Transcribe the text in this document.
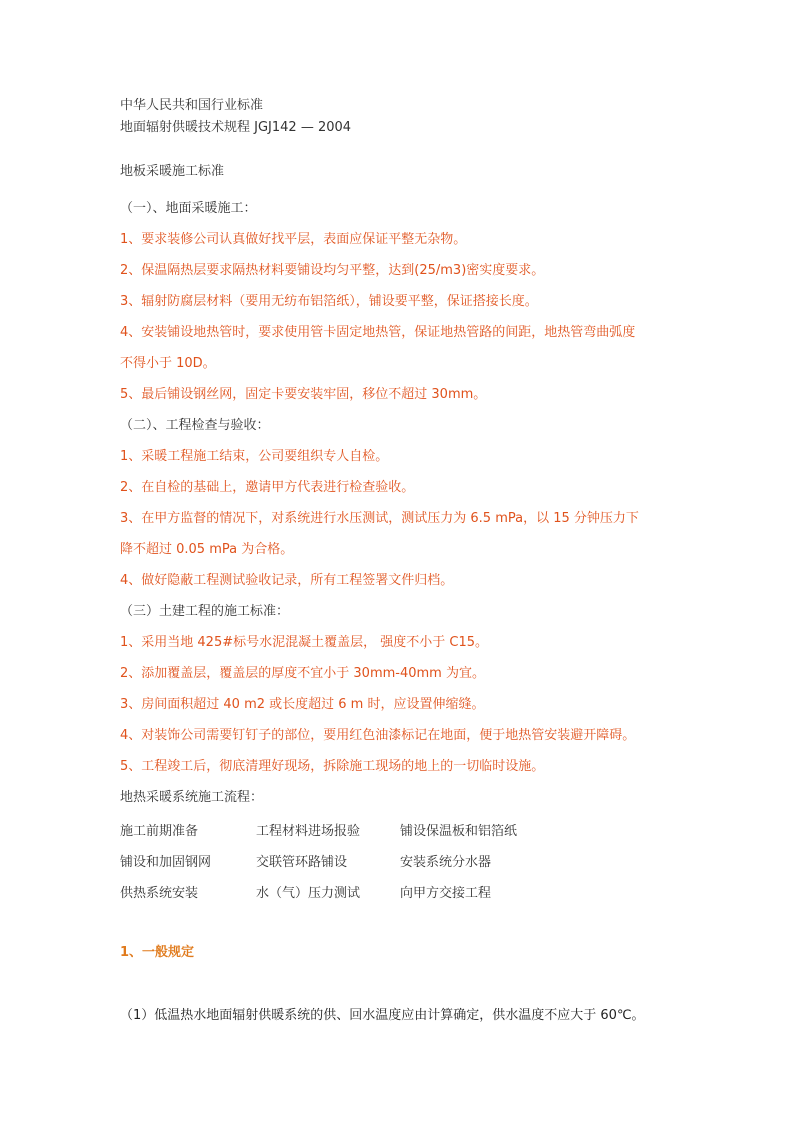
中华人民共和国行业标准
地面辐射供暖技术规程 JGJ142 — 2004
地板采暖施工标准
（一）、地面采暖施工：
1、要求装修公司认真做好找平层，表面应保证平整无杂物。
2、保温隔热层要求隔热材料要铺设均匀平整，达到(25/m3)密实度要求。
3、辐射防腐层材料（要用无纺布铝箔纸），铺设要平整，保证搭接长度。
4、安装铺设地热管时，要求使用管卡固定地热管，保证地热管路的间距，地热管弯曲弧度
不得小于 10D。
5、最后铺设钢丝网，固定卡要安装牢固，移位不超过 30mm。
（二）、工程检查与验收：
1、采暖工程施工结束，公司要组织专人自检。
2、在自检的基础上，邀请甲方代表进行检查验收。
3、在甲方监督的情况下，对系统进行水压测试，测试压力为 6.5 mPa，以 15 分钟压力下
降不超过 0.05 mPa 为合格。
4、做好隐蔽工程测试验收记录，所有工程签署文件归档。
（三）土建工程的施工标准：
1、采用当地 425#标号水泥混凝土覆盖层， 强度不小于 C15。
2、添加覆盖层，覆盖层的厚度不宜小于 30mm-40mm 为宜。
3、房间面积超过 40 m2 或长度超过 6 m 时，应设置伸缩缝。
4、对装饰公司需要钉钉子的部位，要用红色油漆标记在地面，便于地热管安装避开障碍。
5、工程竣工后，彻底清理好现场，拆除施工现场的地上的一切临时设施。
地热采暖系统施工流程：
施工前期准备	工程材料进场报验	铺设保温板和铝箔纸
铺设和加固钢网	交联管环路铺设	安装系统分水器
供热系统安装	水（气）压力测试	向甲方交接工程
1、一般规定
（1）低温热水地面辐射供暖系统的供、回水温度应由计算确定，供水温度不应大于 60℃。
